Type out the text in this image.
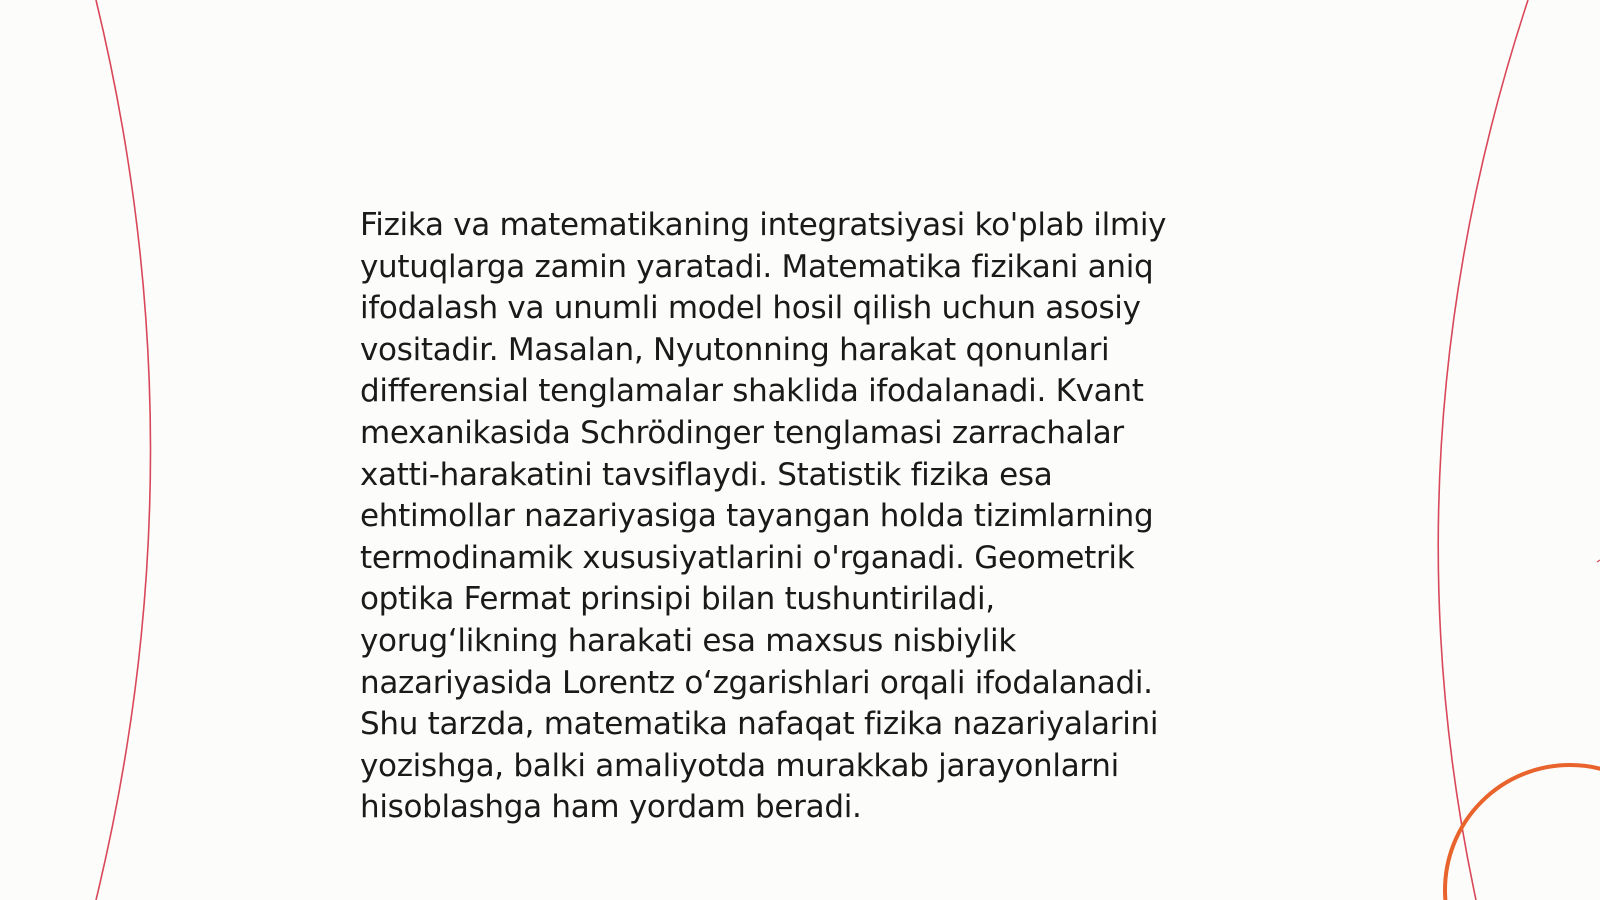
Fizika va matematikaning integratsiyasi ko'plab ilmiy
yutuqlarga zamin yaratadi. Matematika fizikani aniq
ifodalash va unumli model hosil qilish uchun asosiy
vositadir. Masalan, Nyutonning harakat qonunlari
differensial tenglamalar shaklida ifodalanadi. Kvant
mexanikasida Schrödinger tenglamasi zarrachalar
xatti-harakatini tavsiflaydi. Statistik fizika esa
ehtimollar nazariyasiga tayangan holda tizimlarning
termodinamik xususiyatlarini o'rganadi. Geometrik
optika Fermat prinsipi bilan tushuntiriladi,
yorug‘likning harakati esa maxsus nisbiylik
nazariyasida Lorentz o‘zgarishlari orqali ifodalanadi.
Shu tarzda, matematika nafaqat fizika nazariyalarini
yozishga, balki amaliyotda murakkab jarayonlarni
hisoblashga ham yordam beradi.
